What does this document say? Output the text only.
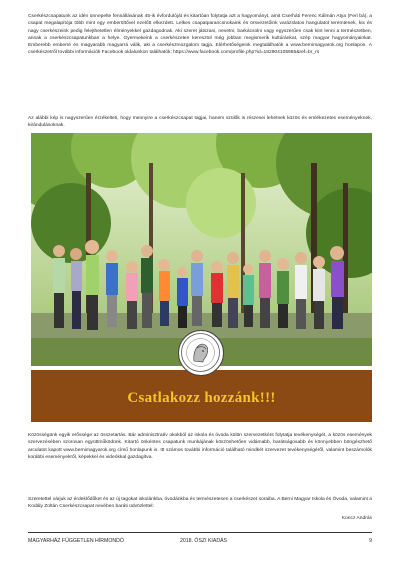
Cserkészcsapatunk az idén ünnepelte fennállásának 45-ik évfordulóját és kitartóan folytatja azt a hagyományt, amit Cserháti Ferenc Kálmán Atya (Feri bá), a csapat megalapítója több mint egy emberöltővel ezelőtt elkezdett. Lelkes csapatparancsnokaink és örsvezetőink varázslatos hangulatot teremtenek, kis és nagy cserkészeink pedig felejthetetlen élményekkel gazdagodnak. Aki szeret játszani, nevetni, barkácsolni vagy egyszerűen csak kint lenni a természetben, annak a cserkészcsapatunkban a helye. Gyermekeink a cserkészeten keresztül még jobban megismerik kultúránkat, szép magyar hagyományainkat. Emberebb emberré és magyarabb magyarrá válik, aki a cserkészmozgalom tagja. Elérhetőségeink megtalálhatók a www.bernimagyarok.org honlapon. A cserkészetről további információk Facebook oldalunkon találhatók: https://www.facebook.com/profile.php?id=182904105965&ref=br_rs

Az alábbi kép is nagyszerűen érzékelteti, hogy mennyire a cserkészcsapat tagjai, hanem szülők is részesei lehetnek közös és emlékezetes eseményeknek, kirándulásoknak.

Csatlakozz hozzánk!!!

Közösségünk egyik erőssége az összetartás. Bár adminisztratív okokból az iskola és óvoda külön szervezetként folytatja tevékenységét, a közös események szervezésében szorosan együttműködünk. Kitartó önkéntes csapatunk munkájának köszönhetően vidámabb, barátságosabb és könnyebben böngészhető arculatot kapott www.bernimagyarok.org című honlapunk is. Itt számos további információ található mindkét szervezet tevékenységéről, valamint beszámolók korábbi eseményekről, képekkel és videókkal gazdagítva.

Szeretettel várjuk az érdeklődőket és az új tagokat iskolánkba, óvodánkba és természetesen a cserkészet soraiba. A Berni Magyar Iskola és Óvoda, valamint a Kodály Zoltán Cserkészcsapat nevében baráti üdvözlettel:

Koncz András
MAGYARHÁZ FÜGGETLEN HÍRMONDÓ	2018. ŐSZI KIADÁS	9
